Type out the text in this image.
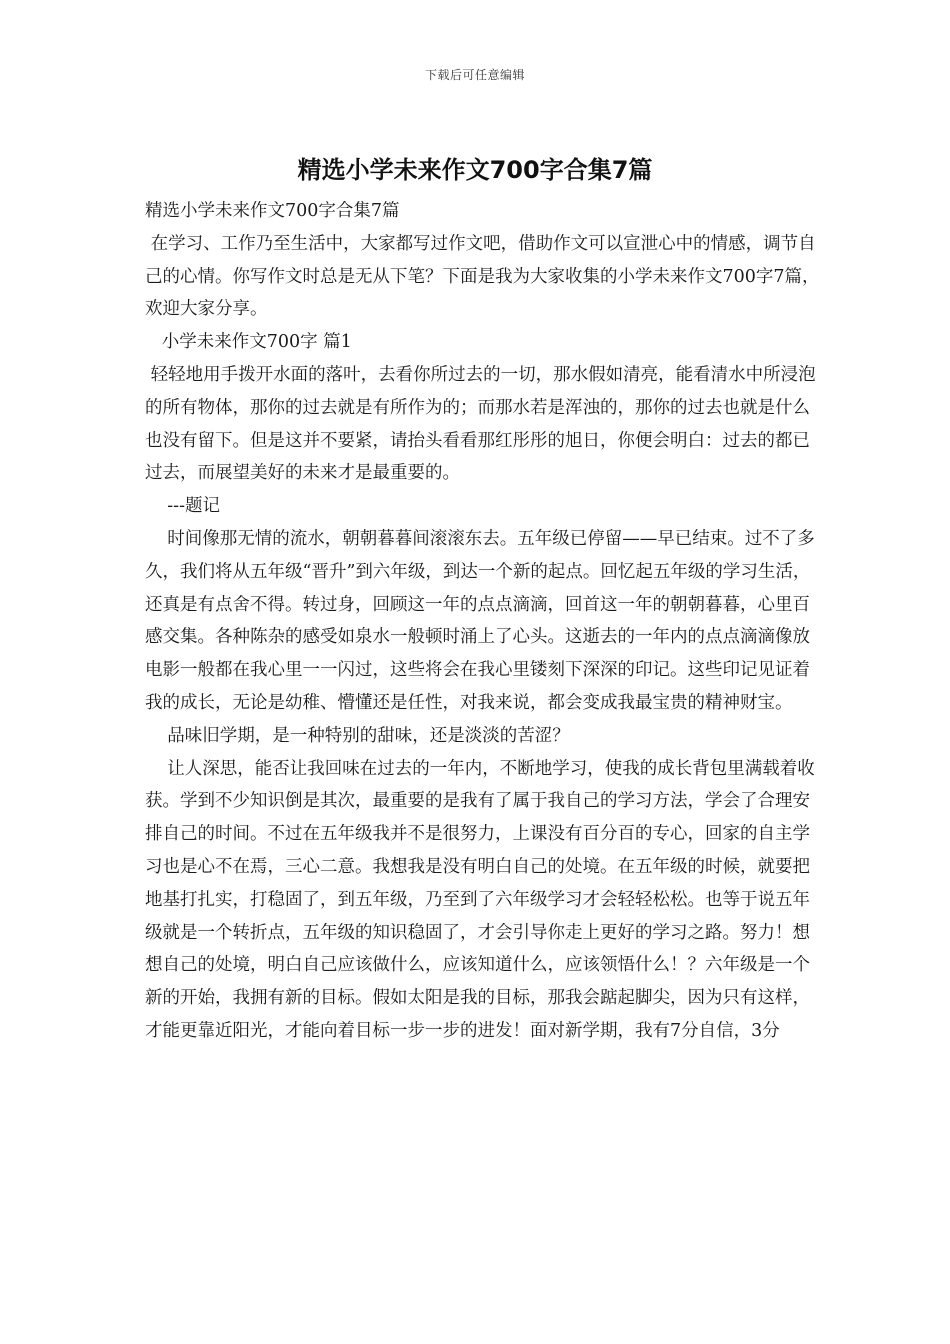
下载后可任意编辑
精选小学未来作文700字合集7篇

精选小学未来作文700字合集7篇

在学习、工作乃至生活中，大家都写过作文吧，借助作文可以宣泄心中的情感，调节自己的心情。你写作文时总是无从下笔？下面是我为大家收集的小学未来作文700字7篇，欢迎大家分享。

小学未来作文700字 篇1

轻轻地用手拨开水面的落叶，去看你所过去的一切，那水假如清亮，能看清水中所浸泡的所有物体，那你的过去就是有所作为的；而那水若是浑浊的，那你的过去也就是什么也没有留下。但是这并不要紧，请抬头看看那红彤彤的旭日，你便会明白：过去的都已过去，而展望美好的未来才是最重要的。

---题记

时间像那无情的流水，朝朝暮暮间滚滚东去。五年级已停留——早已结束。过不了多久，我们将从五年级“晋升”到六年级，到达一个新的起点。回忆起五年级的学习生活，还真是有点舍不得。转过身，回顾这一年的点点滴滴，回首这一年的朝朝暮暮，心里百感交集。各种陈杂的感受如泉水一般顿时涌上了心头。这逝去的一年内的点点滴滴像放电影一般都在我心里一一闪过，这些将会在我心里镂刻下深深的印记。这些印记见证着我的成长，无论是幼稚、懵懂还是任性，对我来说，都会变成我最宝贵的精神财宝。

品味旧学期，是一种特别的甜味，还是淡淡的苦涩？

让人深思，能否让我回味在过去的一年内，不断地学习，使我的成长背包里满载着收获。学到不少知识倒是其次，最重要的是我有了属于我自己的学习方法，学会了合理安排自己的时间。不过在五年级我并不是很努力，上课没有百分百的专心，回家的自主学习也是心不在焉，三心二意。我想我是没有明白自己的处境。在五年级的时候，就要把地基打扎实，打稳固了，到五年级，乃至到了六年级学习才会轻轻松松。也等于说五年级就是一个转折点，五年级的知识稳固了，才会引导你走上更好的学习之路。努力！想想自己的处境，明白自己应该做什么，应该知道什么，应该领悟什么！？六年级是一个新的开始，我拥有新的目标。假如太阳是我的目标，那我会踮起脚尖，因为只有这样，才能更靠近阳光，才能向着目标一步一步的进发！面对新学期，我有7分自信，3分
